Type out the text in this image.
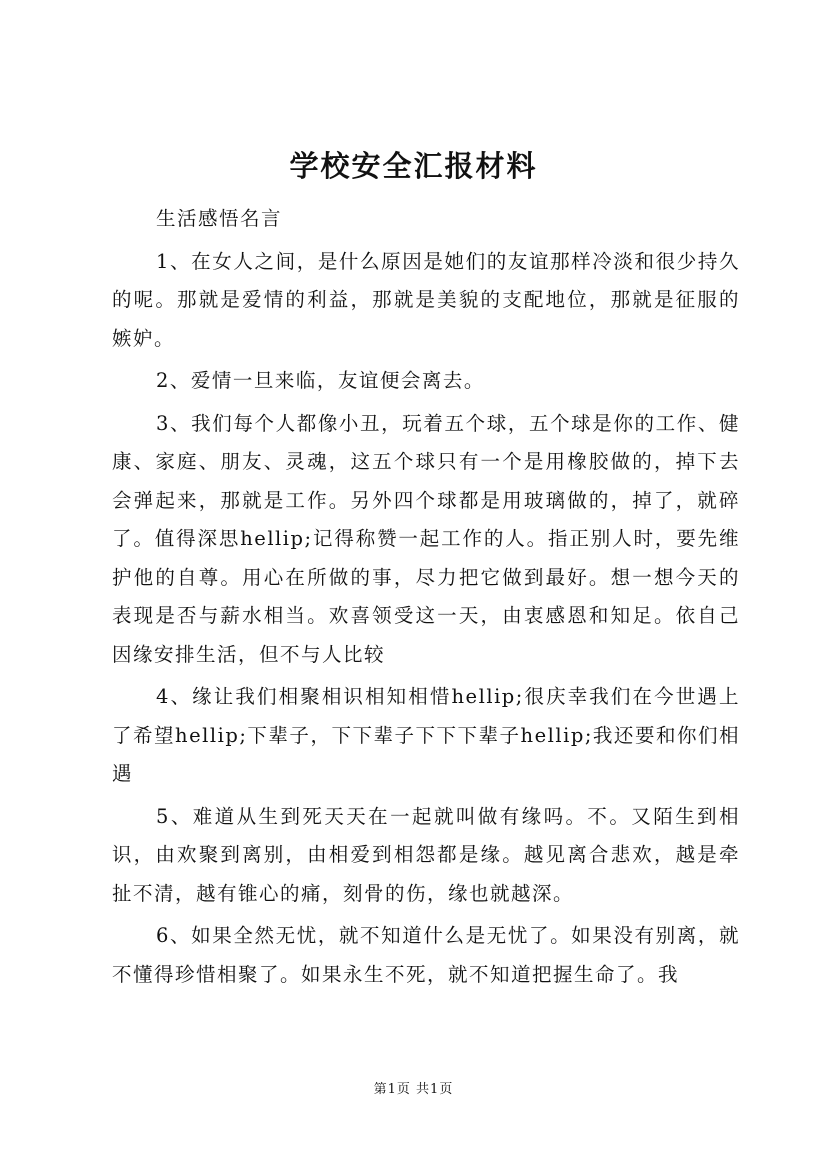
学校安全汇报材料

生活感悟名言

1、在女人之间，是什么原因是她们的友谊那样冷淡和很少持久的呢。那就是爱情的利益，那就是美貌的支配地位，那就是征服的嫉妒。

2、爱情一旦来临，友谊便会离去。

3、我们每个人都像小丑，玩着五个球，五个球是你的工作、健康、家庭、朋友、灵魂，这五个球只有一个是用橡胶做的，掉下去会弹起来，那就是工作。另外四个球都是用玻璃做的，掉了，就碎了。值得深思hellip;记得称赞一起工作的人。指正别人时，要先维护他的自尊。用心在所做的事，尽力把它做到最好。想一想今天的表现是否与薪水相当。欢喜领受这一天，由衷感恩和知足。依自己因缘安排生活，但不与人比较

4、缘让我们相聚相识相知相惜hellip;很庆幸我们在今世遇上了希望hellip;下辈子，下下辈子下下下辈子hellip;我还要和你们相遇

5、难道从生到死天天在一起就叫做有缘吗。不。又陌生到相识，由欢聚到离别，由相爱到相怨都是缘。越见离合悲欢，越是牵扯不清，越有锥心的痛，刻骨的伤，缘也就越深。

6、如果全然无忧，就不知道什么是无忧了。如果没有别离，就不懂得珍惜相聚了。如果永生不死，就不知道把握生命了。我

第1页 共1页
